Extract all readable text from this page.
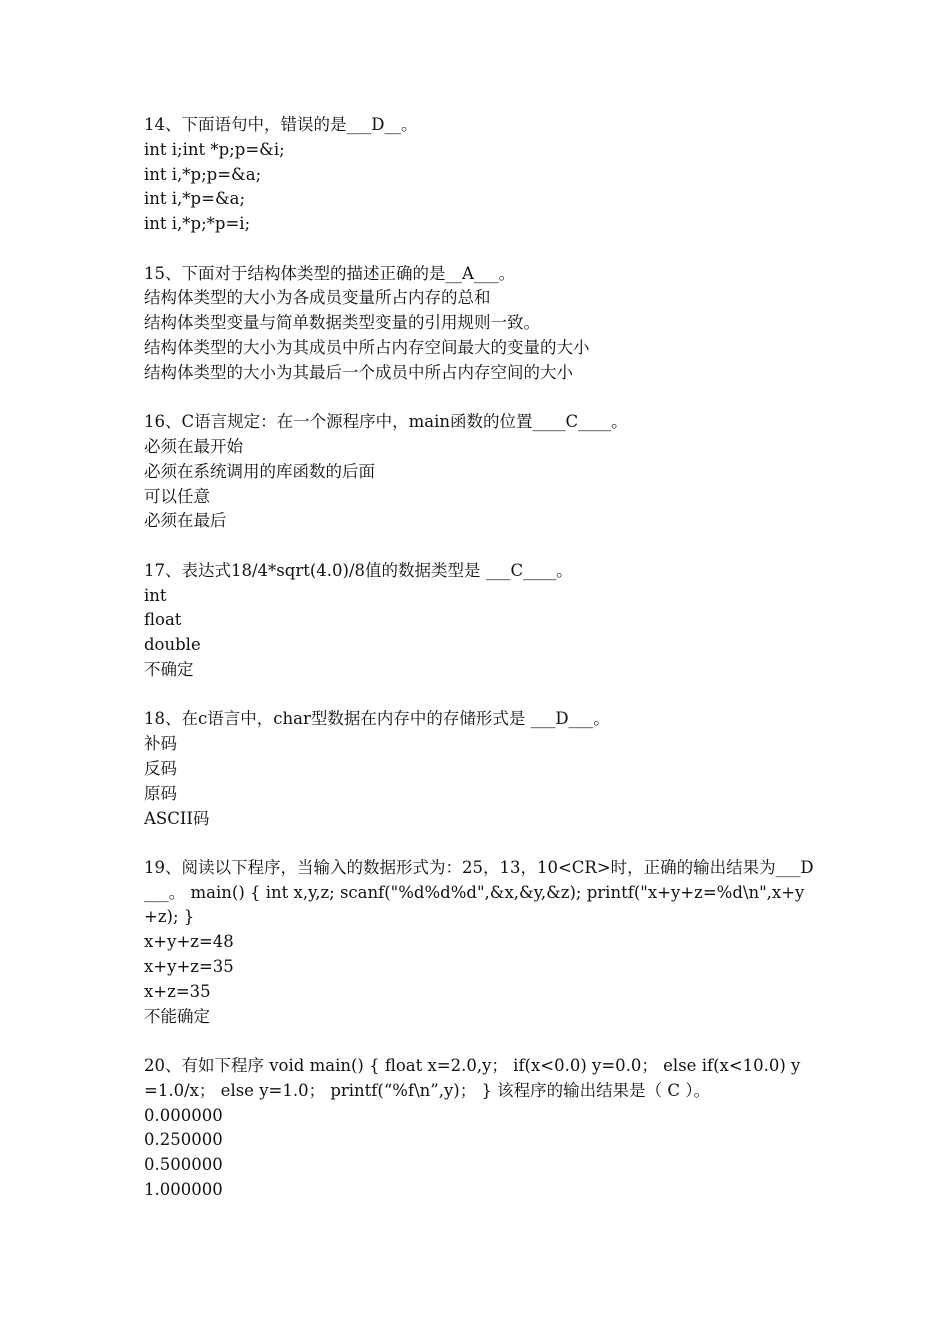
14、下面语句中，错误的是___D__。
int i;int *p;p=&i;
int i,*p;p=&a;
int i,*p=&a;
int i,*p;*p=i;
15、下面对于结构体类型的描述正确的是__A___。
结构体类型的大小为各成员变量所占内存的总和
结构体类型变量与简单数据类型变量的引用规则一致。
结构体类型的大小为其成员中所占内存空间最大的变量的大小
结构体类型的大小为其最后一个成员中所占内存空间的大小
16、C语言规定：在一个源程序中，main函数的位置____C____。
必须在最开始
必须在系统调用的库函数的后面
可以任意
必须在最后
17、表达式18/4*sqrt(4.0)/8值的数据类型是 ___C____。
int
float
double
不确定
18、在c语言中，char型数据在内存中的存储形式是 ___D___。
补码
反码
原码
ASCII码
19、阅读以下程序，当输入的数据形式为：25，13，10<CR>时，正确的输出结果为___D___。 main() { int x,y,z; scanf("%d%d%d",&x,&y,&z); printf("x+y+z=%d\n",x+y+z); }
x+y+z=48
x+y+z=35
x+z=35
不能确定
20、有如下程序 void main() { float x=2.0,y； if(x<0.0) y=0.0； else if(x<10.0) y=1.0/x； else y=1.0； printf(“%f\n”,y)； } 该程序的输出结果是（ C ）。
0.000000
0.250000
0.500000
1.000000
